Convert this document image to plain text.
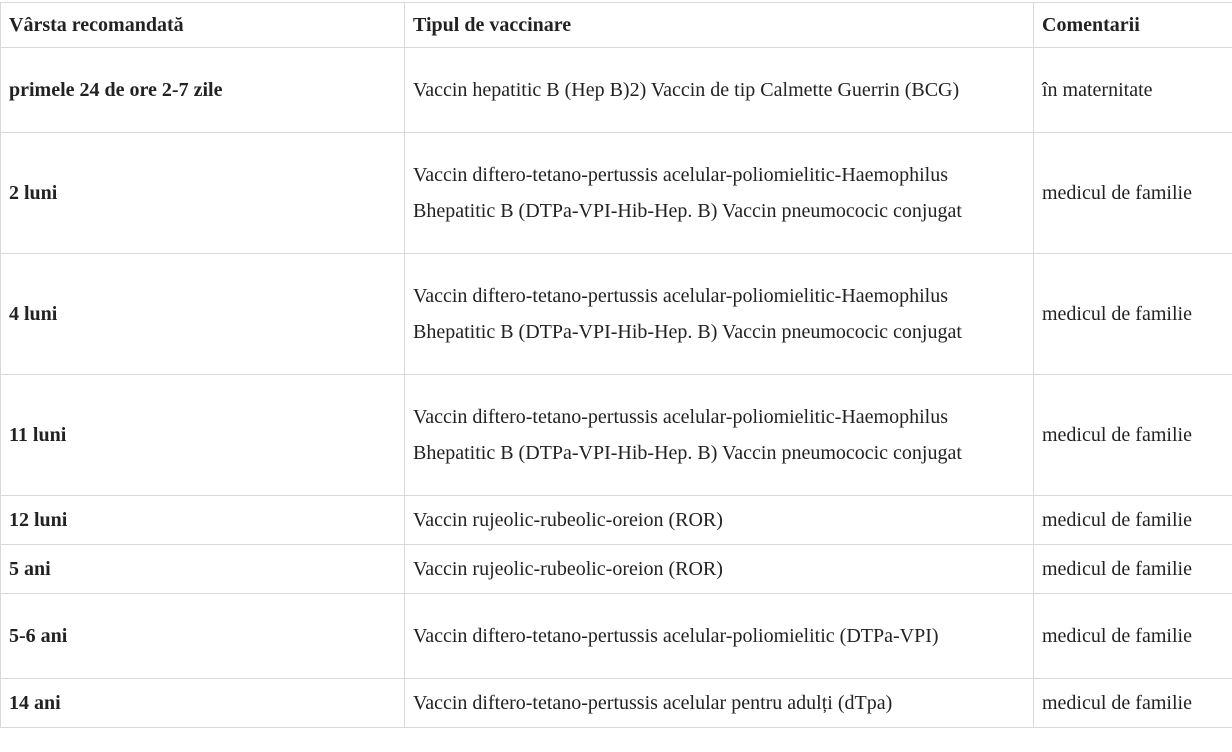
Vârsta recomandată	Tipul de vaccinare	Comentarii
primele 24 de ore 2-7 zile	Vaccin hepatitic B (Hep B)2) Vaccin de tip Calmette Guerrin (BCG)	în maternitate
2 luni	Vaccin diftero-tetano-pertussis acelular-poliomielitic-Haemophilus Bhepatitic B (DTPa-VPI-Hib-Hep. B) Vaccin pneumococic conjugat	medicul de familie
4 luni	Vaccin diftero-tetano-pertussis acelular-poliomielitic-Haemophilus Bhepatitic B (DTPa-VPI-Hib-Hep. B) Vaccin pneumococic conjugat	medicul de familie
11 luni	Vaccin diftero-tetano-pertussis acelular-poliomielitic-Haemophilus Bhepatitic B (DTPa-VPI-Hib-Hep. B) Vaccin pneumococic conjugat	medicul de familie
12 luni	Vaccin rujeolic-rubeolic-oreion (ROR)	medicul de familie
5 ani	Vaccin rujeolic-rubeolic-oreion (ROR)	medicul de familie
5-6 ani	Vaccin diftero-tetano-pertussis acelular-poliomielitic (DTPa-VPI)	medicul de familie
14 ani	Vaccin diftero-tetano-pertussis acelular pentru adulți (dTpa)	medicul de familie
